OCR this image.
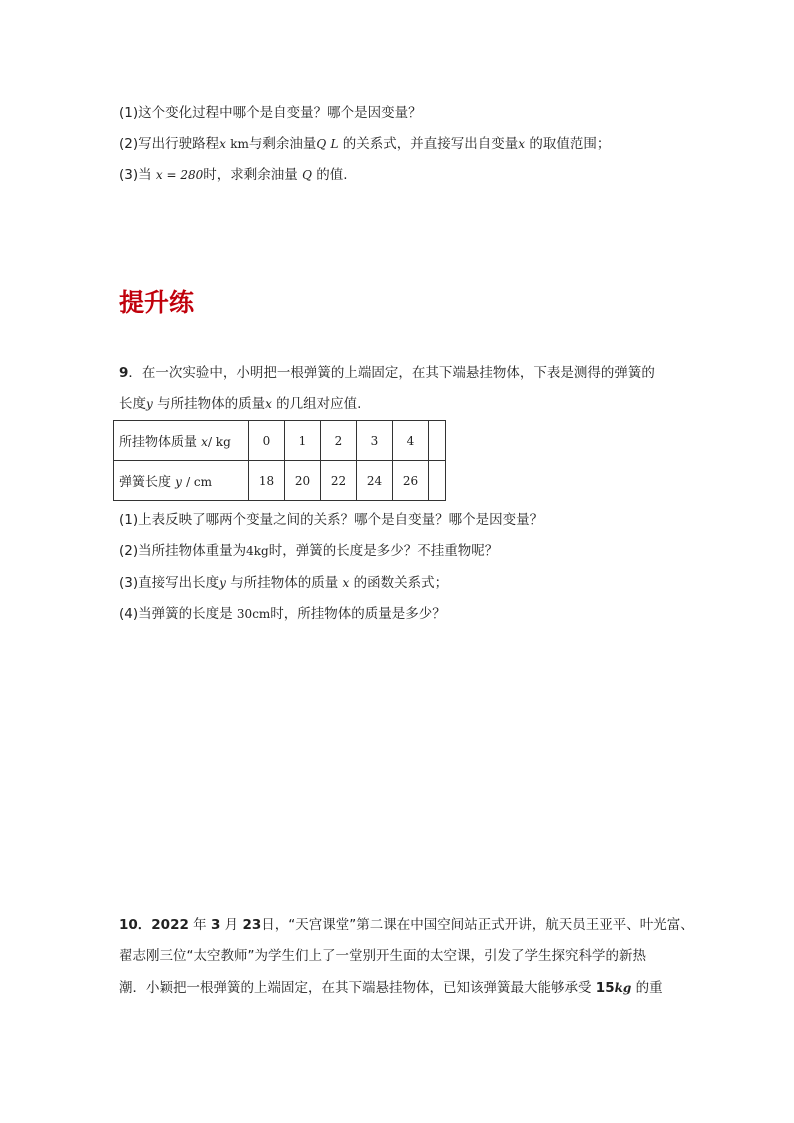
(1)这个变化过程中哪个是自变量？哪个是因变量？
(2)写出行驶路程x km与剩余油量Q L 的关系式，并直接写出自变量x 的取值范围；
(3)当 x = 280时，求剩余油量 Q 的值.
提升练
9．在一次实验中，小明把一根弹簧的上端固定，在其下端悬挂物体，下表是测得的弹簧的
长度y 与所挂物体的质量x 的几组对应值.
所挂物体质量 x/ kg	0	1	2	3	4	
弹簧长度 y / cm	18	20	22	24	26	
(1)上表反映了哪两个变量之间的关系？哪个是自变量？哪个是因变量？
(2)当所挂物体重量为4kg时，弹簧的长度是多少？不挂重物呢？
(3)直接写出长度y 与所挂物体的质量 x 的函数关系式；
(4)当弹簧的长度是 30cm时，所挂物体的质量是多少？
10．2022 年 3 月 23日，“天宫课堂”第二课在中国空间站正式开讲，航天员王亚平、叶光富、
翟志刚三位“太空教师”为学生们上了一堂别开生面的太空课，引发了学生探究科学的新热
潮．小颖把一根弹簧的上端固定，在其下端悬挂物体，已知该弹簧最大能够承受 15kg 的重
